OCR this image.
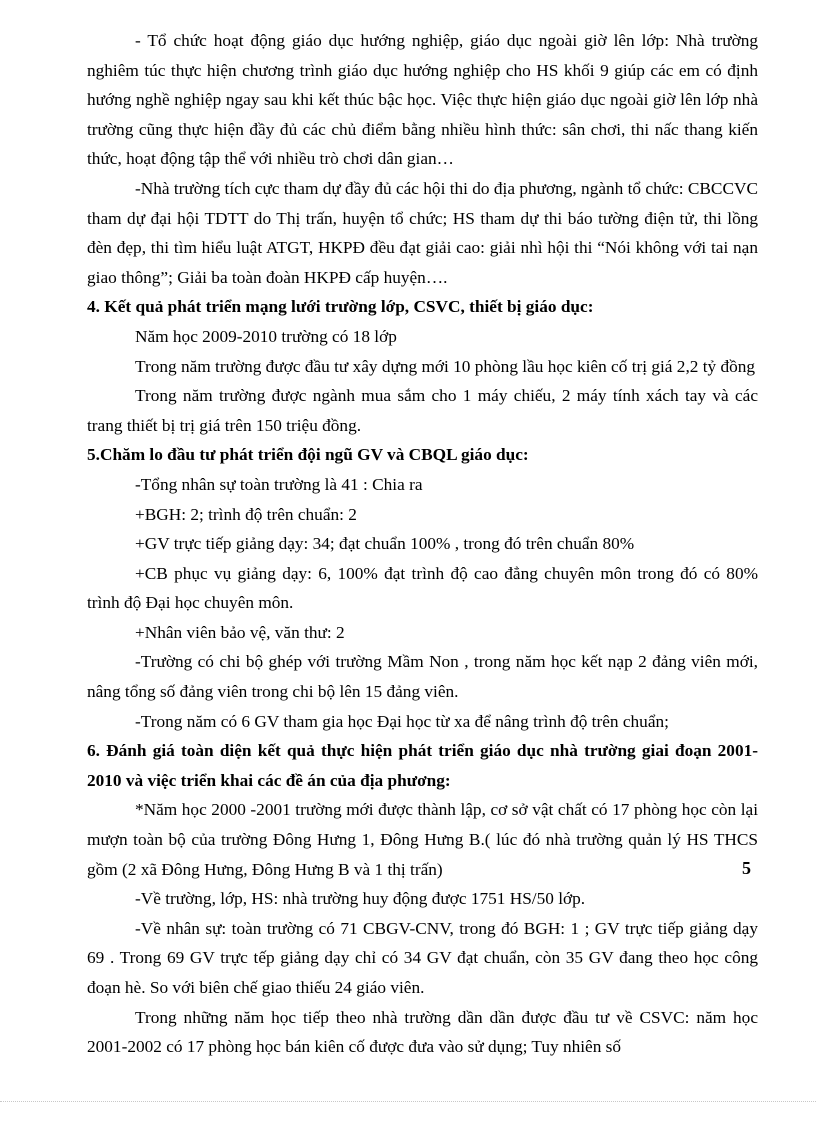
- Tổ chức hoạt động giáo dục hướng nghiệp, giáo dục ngoài giờ lên lớp: Nhà trường nghiêm túc thực hiện chương trình giáo dục hướng nghiệp cho HS khối 9 giúp các em có định hướng nghề nghiệp ngay sau khi kết thúc bậc học. Việc thực hiện giáo dục ngoài giờ lên lớp nhà trường cũng thực hiện đầy đủ các chủ điểm bằng nhiều hình thức: sân chơi, thi nấc thang kiến thức, hoạt động tập thể với nhiều trò chơi dân gian…

-Nhà trường tích cực tham dự đầy đủ các hội thi do địa phương, ngành tổ chức: CBCCVC tham dự đại hội TDTT do Thị trấn, huyện tổ chức; HS tham dự thi báo tường điện tử, thi lồng đèn đẹp, thi tìm hiểu luật ATGT, HKPĐ đều đạt giải cao: giải nhì hội thi “Nói không với tai nạn giao thông”; Giải ba toàn đoàn HKPĐ cấp huyện….

4. Kết quả phát triển mạng lưới trường lớp, CSVC, thiết bị giáo dục:

Năm học 2009-2010 trường có 18 lớp

Trong năm trường được đầu tư xây dựng mới 10 phòng lầu học kiên cố trị giá 2,2 tỷ đồng

Trong năm trường được ngành mua sắm cho 1 máy chiếu, 2 máy tính xách tay và các trang thiết bị trị giá trên 150 triệu đồng.

5.Chăm lo đầu tư phát triển đội ngũ GV và CBQL giáo dục:

-Tổng nhân sự toàn trường là 41 : Chia ra

+BGH: 2; trình độ trên chuẩn: 2

+GV trực tiếp giảng dạy: 34; đạt chuẩn 100% , trong đó trên chuẩn 80%

+CB phục vụ giảng dạy: 6, 100% đạt trình độ cao đẳng chuyên môn trong đó có 80% trình độ Đại học chuyên môn.

+Nhân viên bảo vệ, văn thư: 2

-Trường có chi bộ ghép với trường Mầm Non , trong năm học kết nạp 2 đảng viên mới, nâng tổng số đảng viên trong chi bộ lên 15 đảng viên.

-Trong năm có 6 GV tham gia học Đại học từ xa để nâng trình độ trên chuẩn;

6. Đánh giá toàn diện kết quả thực hiện phát triển giáo dục nhà trường giai đoạn 2001-2010 và việc triển khai các đề án của địa phương:

*Năm học 2000 -2001 trường mới được thành lập, cơ sở vật chất có 17 phòng học còn lại mượn toàn bộ của trường Đông Hưng 1, Đông Hưng B.( lúc đó nhà trường quản lý HS THCS gồm (2 xã Đông Hưng, Đông Hưng B và 1 thị trấn)

-Về trường, lớp, HS: nhà trường huy động được 1751 HS/50 lớp.

-Về nhân sự: toàn trường có 71 CBGV-CNV, trong đó BGH: 1 ; GV trực tiếp giảng dạy 69 . Trong 69 GV trực tếp giảng dạy chỉ có 34 GV đạt chuẩn, còn 35 GV đang theo học công đoạn hè. So với biên chế giao thiếu 24 giáo viên.

Trong những năm học tiếp theo nhà trường dần dần được đầu tư về CSVC: năm học 2001-2002 có 17 phòng học bán kiên cố được đưa vào sử dụng; Tuy nhiên số

5
